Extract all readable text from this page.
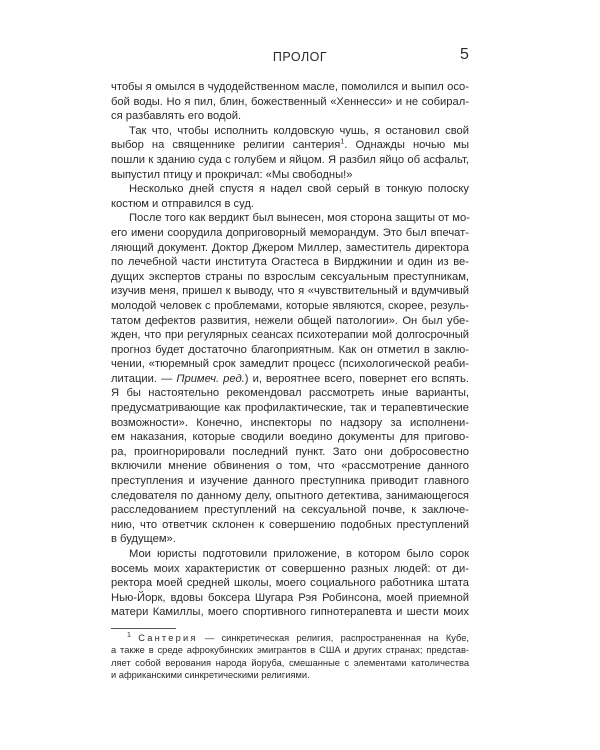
ПРОЛОГ	5
чтобы я омылся в чудодейственном масле, помолился и выпил осо-
бой воды. Но я пил, блин, божественный «Хеннесси» и не собирал-
ся разбавлять его водой.
Так что, чтобы исполнить колдовскую чушь, я остановил свой
выбор на священнике религии сантерия$^1$. Однажды ночью мы
пошли к зданию суда с голубем и яйцом. Я разбил яйцо об асфальт,
выпустил птицу и прокричал: «Мы свободны!»
Несколько дней спустя я надел свой серый в тонкую полоску
костюм и отправился в суд.
После того как вердикт был вынесен, моя сторона защиты от мо-
его имени соорудила доприговорный меморандум. Это был впечат-
ляющий документ. Доктор Джером Миллер, заместитель директора
по лечебной части института Огастеса в Вирджинии и один из ве-
дущих экспертов страны по взрослым сексуальным преступникам,
изучив меня, пришел к выводу, что я «чувствительный и вдумчивый
молодой человек с проблемами, которые являются, скорее, резуль-
татом дефектов развития, нежели общей патологии». Он был убе-
жден, что при регулярных сеансах психотерапии мой долгосрочный
прогноз будет достаточно благоприятным. Как он отметил в заклю-
чении, «тюремный срок замедлит процесс (психологической реаби-
литации. — Примеч. ред.) и, вероятнее всего, повернет его вспять.
Я бы настоятельно рекомендовал рассмотреть иные варианты,
предусматривающие как профилактические, так и терапевтические
возможности». Конечно, инспекторы по надзору за исполнени-
ем наказания, которые сводили воедино документы для пригово-
ра, проигнорировали последний пункт. Зато они добросовестно
включили мнение обвинения о том, что «рассмотрение данного
преступления и изучение данного преступника приводит главного
следователя по данному делу, опытного детектива, занимающегося
расследованием преступлений на сексуальной почве, к заключе-
нию, что ответчик склонен к совершению подобных преступлений
в будущем».
Мои юристы подготовили приложение, в котором было сорок
восемь моих характеристик от совершенно разных людей: от ди-
ректора моей средней школы, моего социального работника штата
Нью-Йорк, вдовы боксера Шугара Рэя Робинсона, моей приемной
матери Камиллы, моего спортивного гипнотерапевта и шести моих
$^1$ Сантерия — синкретическая религия, распространенная на Кубе,
а также в среде афрокубинских эмигрантов в США и других странах; представ-
ляет собой верования народа йоруба, смешанные с элементами католичества
и африканскими синкретическими религиями.
